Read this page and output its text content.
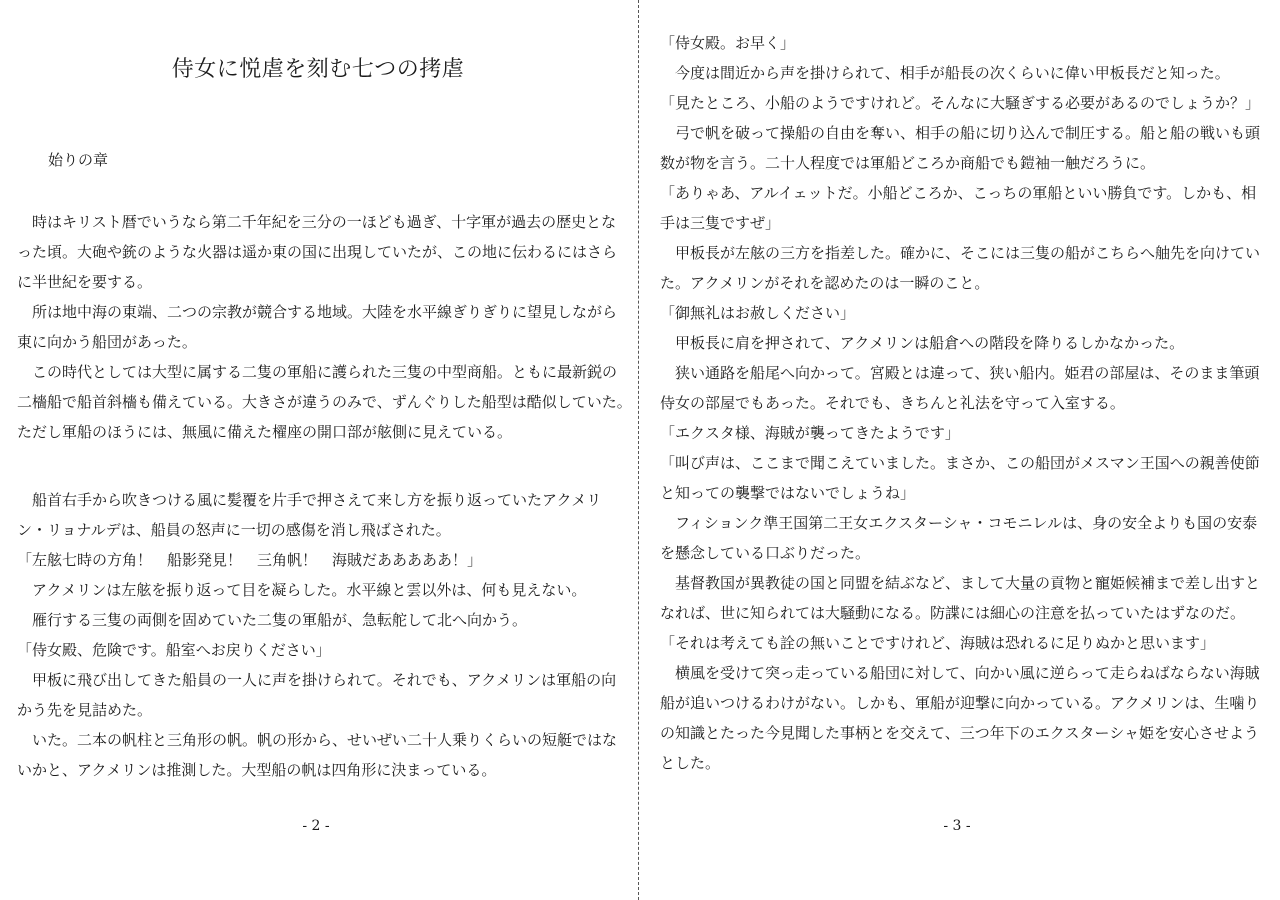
侍女に悦虐を刻む七つの拷虐
始りの章
　時はキリスト暦でいうなら第二千年紀を三分の一ほども過ぎ、十字軍が過去の歴史とな
った頃。大砲や銃のような火器は遥か東の国に出現していたが、この地に伝わるにはさら
に半世紀を要する。
　所は地中海の東端、二つの宗教が競合する地域。大陸を水平線ぎりぎりに望見しながら
東に向かう船団があった。
　この時代としては大型に属する二隻の軍船に護られた三隻の中型商船。ともに最新鋭の
二檣船で船首斜檣も備えている。大きさが違うのみで、ずんぐりした船型は酷似していた。
ただし軍船のほうには、無風に備えた櫂座の開口部が舷側に見えている。
　船首右手から吹きつける風に髪覆を片手で押さえて来し方を振り返っていたアクメリ
ン・リョナルデは、船員の怒声に一切の感傷を消し飛ばされた。
「左舷七時の方角！　船影発見！　三角帆！　海賊だあああああ！」
　アクメリンは左舷を振り返って目を凝らした。水平線と雲以外は、何も見えない。
　雁行する三隻の両側を固めていた二隻の軍船が、急転舵して北へ向かう。
「侍女殿、危険です。船室へお戻りください」
　甲板に飛び出してきた船員の一人に声を掛けられて。それでも、アクメリンは軍船の向
かう先を見詰めた。
　いた。二本の帆柱と三角形の帆。帆の形から、せいぜい二十人乗りくらいの短艇ではな
いかと、アクメリンは推測した。大型船の帆は四角形に決まっている。
- 2 -
「侍女殿。お早く」
　今度は間近から声を掛けられて、相手が船長の次くらいに偉い甲板長だと知った。
「見たところ、小船のようですけれど。そんなに大騒ぎする必要があるのでしょうか？」
　弓で帆を破って操船の自由を奪い、相手の船に切り込んで制圧する。船と船の戦いも頭
数が物を言う。二十人程度では軍船どころか商船でも鎧袖一触だろうに。
「ありゃあ、アルイェットだ。小船どころか、こっちの軍船といい勝負です。しかも、相
手は三隻ですぜ」
　甲板長が左舷の三方を指差した。確かに、そこには三隻の船がこちらへ舳先を向けてい
た。アクメリンがそれを認めたのは一瞬のこと。
「御無礼はお赦しください」
　甲板長に肩を押されて、アクメリンは船倉への階段を降りるしかなかった。
　狭い通路を船尾へ向かって。宮殿とは違って、狭い船内。姫君の部屋は、そのまま筆頭
侍女の部屋でもあった。それでも、きちんと礼法を守って入室する。
「エクスタ様、海賊が襲ってきたようです」
「叫び声は、ここまで聞こえていました。まさか、この船団がメスマン王国への親善使節
と知っての襲撃ではないでしょうね」
　フィションク準王国第二王女エクスターシャ・コモニレルは、身の安全よりも国の安泰
を懸念している口ぶりだった。
　基督教国が異教徒の国と同盟を結ぶなど、まして大量の貢物と寵姫候補まで差し出すと
なれば、世に知られては大騒動になる。防諜には細心の注意を払っていたはずなのだ。
「それは考えても詮の無いことですけれど、海賊は恐れるに足りぬかと思います」
　横風を受けて突っ走っている船団に対して、向かい風に逆らって走らねばならない海賊
船が追いつけるわけがない。しかも、軍船が迎撃に向かっている。アクメリンは、生噛り
の知識とたった今見聞した事柄とを交えて、三つ年下のエクスターシャ姫を安心させよう
とした。
- 3 -
